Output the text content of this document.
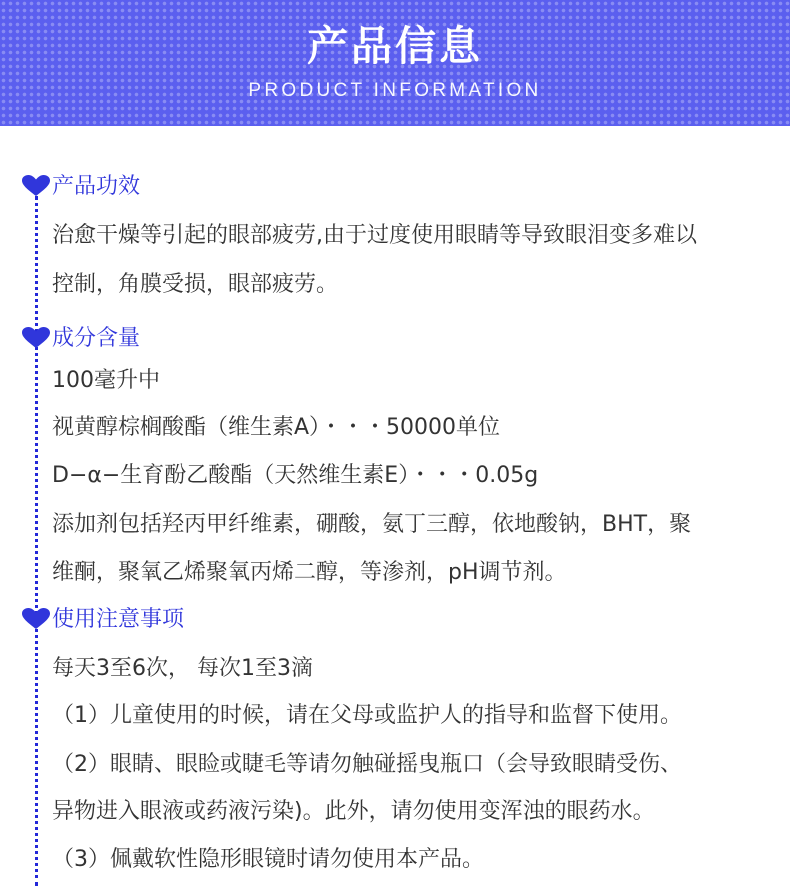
产品信息
PRODUCT INFORMATION
产品功效
治愈干燥等引起的眼部疲劳,由于过度使用眼睛等导致眼泪变多难以
控制，角膜受损，眼部疲劳。
成分含量
100毫升中
视黄醇棕榈酸酯（维生素A）・・・50000单位
D−α−生育酚乙酸酯（天然维生素E）・・・0.05g
添加剂包括羟丙甲纤维素，硼酸，氨丁三醇，依地酸钠，BHT，聚
维酮，聚氧乙烯聚氧丙烯二醇，等渗剂，pH调节剂。
使用注意事项
每天3至6次， 每次1至3滴
（1）儿童使用的时候，请在父母或监护人的指导和监督下使用。
（2）眼睛、眼睑或睫毛等请勿触碰摇曳瓶口（会导致眼睛受伤、
异物进入眼液或药液污染)。此外，请勿使用变浑浊的眼药水。
（3）佩戴软性隐形眼镜时请勿使用本产品。
